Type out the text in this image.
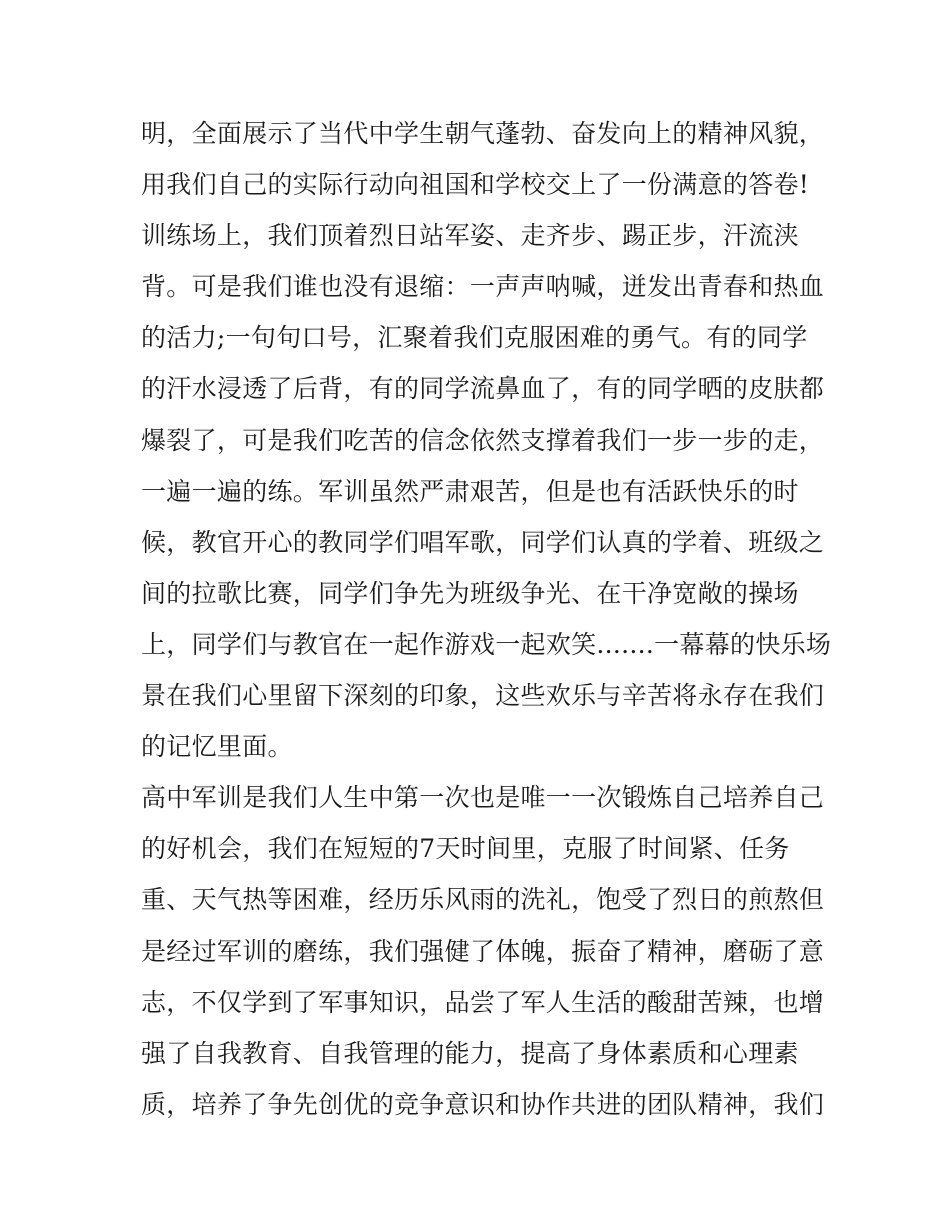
明，全面展示了当代中学生朝气蓬勃、奋发向上的精神风貌，
用我们自己的实际行动向祖国和学校交上了一份满意的答卷!
训练场上，我们顶着烈日站军姿、走齐步、踢正步，汗流浃
背。可是我们谁也没有退缩：一声声呐喊，迸发出青春和热血
的活力;一句句口号，汇聚着我们克服困难的勇气。有的同学
的汗水浸透了后背，有的同学流鼻血了，有的同学晒的皮肤都
爆裂了，可是我们吃苦的信念依然支撑着我们一步一步的走，
一遍一遍的练。军训虽然严肃艰苦，但是也有活跃快乐的时
候，教官开心的教同学们唱军歌，同学们认真的学着、班级之
间的拉歌比赛，同学们争先为班级争光、在干净宽敞的操场
上，同学们与教官在一起作游戏一起欢笑.......一幕幕的快乐场
景在我们心里留下深刻的印象，这些欢乐与辛苦将永存在我们
的记忆里面。
高中军训是我们人生中第一次也是唯一一次锻炼自己培养自己
的好机会，我们在短短的7天时间里，克服了时间紧、任务
重、天气热等困难，经历乐风雨的洗礼，饱受了烈日的煎熬但
是经过军训的磨练，我们强健了体魄，振奋了精神，磨砺了意
志，不仅学到了军事知识，品尝了军人生活的酸甜苦辣，也增
强了自我教育、自我管理的能力，提高了身体素质和心理素
质，培养了争先创优的竞争意识和协作共进的团队精神，我们
